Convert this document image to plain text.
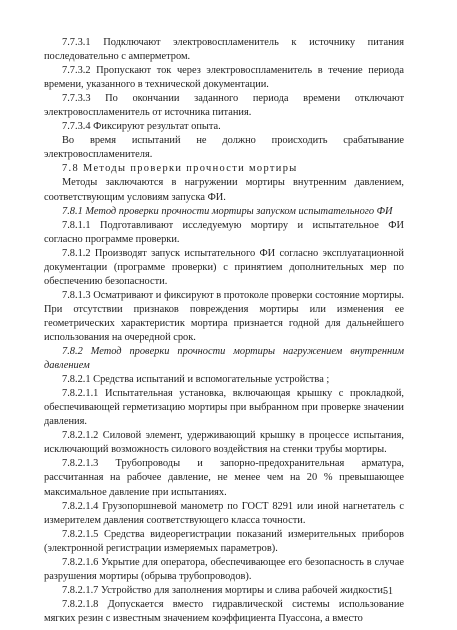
7.7.3.1 Подключают электровоспламенитель к источнику питания последовательно с амперметром.

7.7.3.2 Пропускают ток через электровоспламенитель в течение периода времени, указанного в технической документации.

7.7.3.3 По окончании заданного периода времени отключают электровоспламенитель от источника питания.

7.7.3.4 Фиксируют результат опыта.

Во время испытаний не должно происходить срабатывание электровоспламенителя.

7.8 Методы проверки прочности мортиры

Методы заключаются в нагружении мортиры внутренним давлением, соответствующим условиям запуска ФИ.

7.8.1 Метод проверки прочности мортиры запуском испытательного ФИ

7.8.1.1 Подготавливают исследуемую мортиру и испытательное ФИ согласно программе проверки.

7.8.1.2 Производят запуск испытательного ФИ согласно эксплуатационной документации (программе проверки) с принятием дополнительных мер по обеспечению безопасности.

7.8.1.3 Осматривают и фиксируют в протоколе проверки состояние мортиры. При отсутствии признаков повреждения мортиры или изменения ее геометрических характеристик мортира признается годной для дальнейшего использования на очередной срок.

7.8.2 Метод проверки прочности мортиры нагружением внутренним давлением

7.8.2.1 Средства испытаний и вспомогательные устройства ;

7.8.2.1.1 Испытательная установка, включающая крышку с прокладкой, обеспечивающей герметизацию мортиры при выбранном при проверке значении давления.

7.8.2.1.2 Силовой элемент, удерживающий крышку в процессе испытания, исключающий возможность силового воздействия на стенки трубы мортиры.

7.8.2.1.3 Трубопроводы и запорно-предохранительная арматура, рассчитанная на рабочее давление, не менее чем на 20 % превышающее максимальное давление при испытаниях.

7.8.2.1.4 Грузопоршневой манометр по ГОСТ 8291 или иной нагнетатель с измерителем давления соответствующего класса точности.

7.8.2.1.5 Средства видеорегистрации показаний измерительных приборов (электронной регистрации измеряемых параметров).

7.8.2.1.6 Укрытие для оператора, обеспечивающее его безопасность в случае разрушения мортиры (обрыва трубопроводов).

7.8.2.1.7 Устройство для заполнения мортиры и слива рабочей жидкости.

7.8.2.1.8 Допускается вместо гидравлической системы использование мягких резин с известным значением коэффициента Пуассона, а вместо

51
